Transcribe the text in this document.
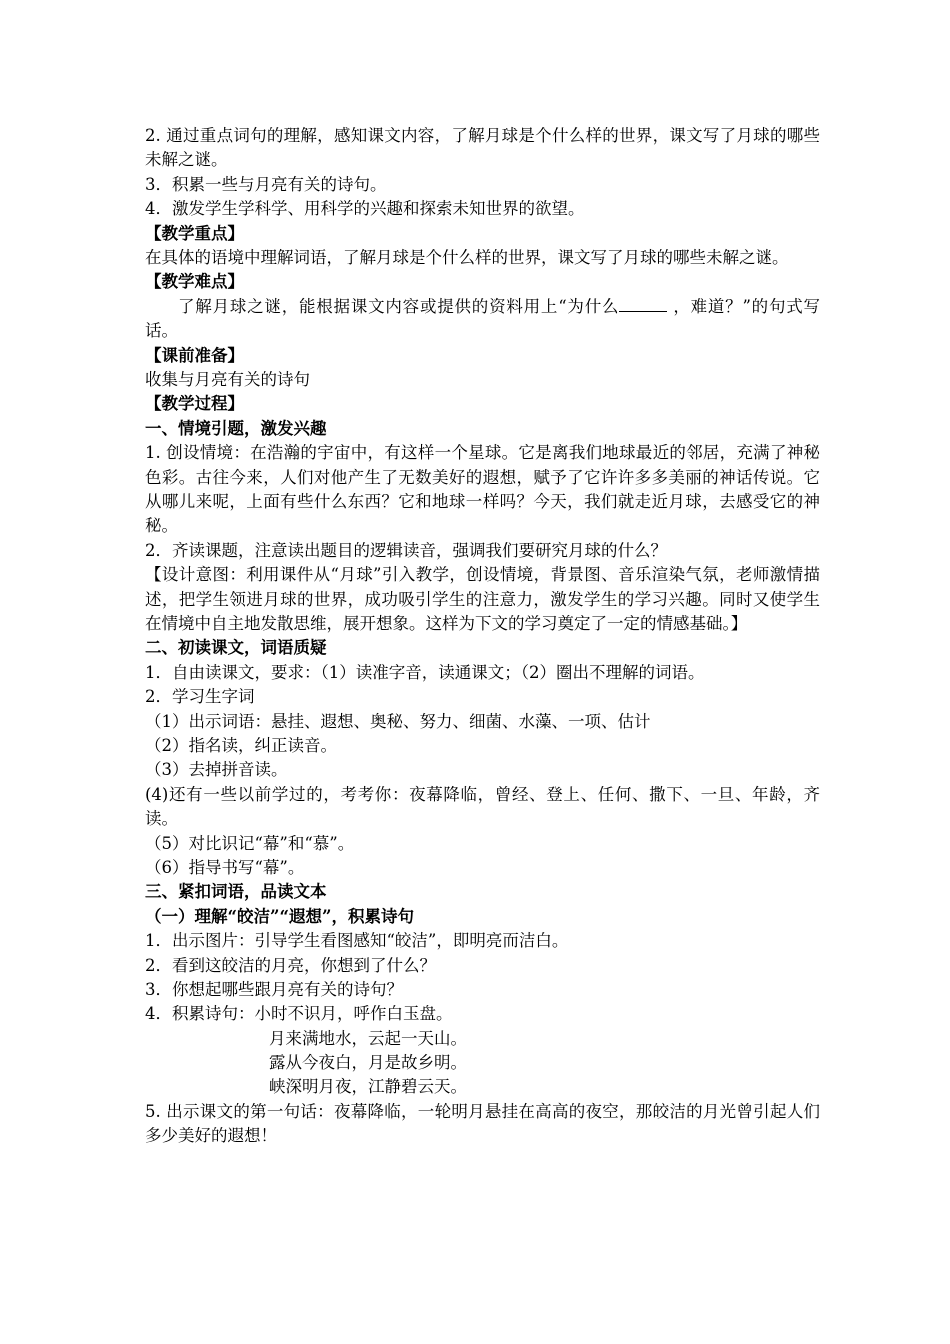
2. 通过重点词句的理解，感知课文内容，了解月球是个什么样的世界，课文写了月球的哪些未解之谜。
3．积累一些与月亮有关的诗句。
4．激发学生学科学、用科学的兴趣和探索未知世界的欲望。
【教学重点】
在具体的语境中理解词语，了解月球是个什么样的世界，课文写了月球的哪些未解之谜。
【教学难点】
了解月球之谜，能根据课文内容或提供的资料用上“为什么	，难道？”的句式写话。
【课前准备】
收集与月亮有关的诗句
【教学过程】
一、情境引题，激发兴趣
1. 创设情境：在浩瀚的宇宙中，有这样一个星球。它是离我们地球最近的邻居，充满了神秘色彩。古往今来，人们对他产生了无数美好的遐想，赋予了它许许多多美丽的神话传说。它从哪儿来呢，上面有些什么东西？它和地球一样吗？今天，我们就走近月球，去感受它的神秘。
2．齐读课题，注意读出题目的逻辑读音，强调我们要研究月球的什么？
【设计意图：利用课件从“月球”引入教学，创设情境，背景图、音乐渲染气氛，老师激情描述，把学生领进月球的世界，成功吸引学生的注意力，激发学生的学习兴趣。同时又使学生在情境中自主地发散思维，展开想象。这样为下文的学习奠定了一定的情感基础。】
二、初读课文，词语质疑
1．自由读课文，要求：（1）读准字音，读通课文；（2）圈出不理解的词语。
2．学习生字词
（1）出示词语：悬挂、遐想、奥秘、努力、细菌、水藻、一项、估计
（2）指名读，纠正读音。
（3）去掉拼音读。
(4)还有一些以前学过的，考考你：夜幕降临，曾经、登上、任何、撒下、一旦、年龄，齐读。
（5）对比识记“幕”和“慕”。
（6）指导书写“幕”。
三、紧扣词语，品读文本
（一）理解“皎洁”“遐想”，积累诗句
1．出示图片：引导学生看图感知“皎洁”，即明亮而洁白。
2．看到这皎洁的月亮，你想到了什么？
3．你想起哪些跟月亮有关的诗句？
4．积累诗句：小时不识月，呼作白玉盘。
月来满地水，云起一天山。
露从今夜白，月是故乡明。
峡深明月夜，江静碧云天。
5. 出示课文的第一句话：夜幕降临，一轮明月悬挂在高高的夜空，那皎洁的月光曾引起人们多少美好的遐想！
